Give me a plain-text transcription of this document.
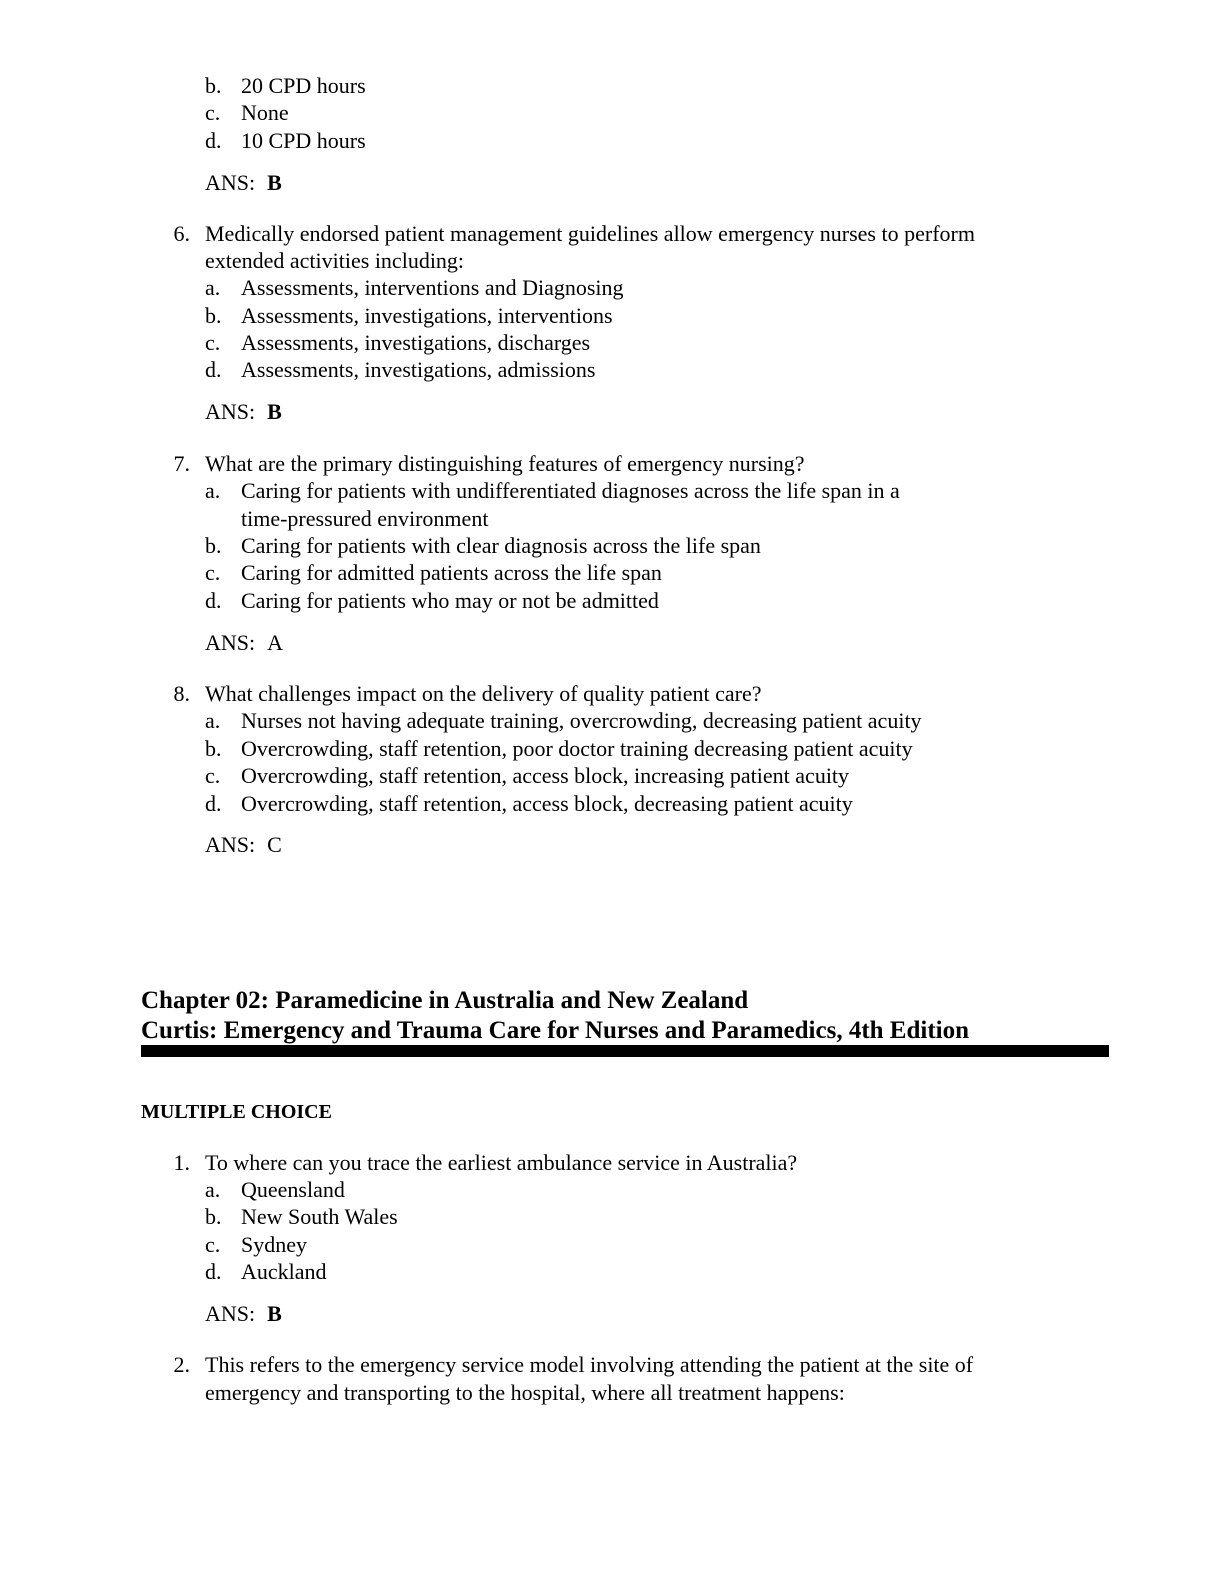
b. 20 CPD hours
c. None
d. 10 CPD hours
ANS: B
6. Medically endorsed patient management guidelines allow emergency nurses to perform
extended activities including:
a. Assessments, interventions and Diagnosing
b. Assessments, investigations, interventions
c. Assessments, investigations, discharges
d. Assessments, investigations, admissions
ANS: B
7. What are the primary distinguishing features of emergency nursing?
a. Caring for patients with undifferentiated diagnoses across the life span in a
time-pressured environment
b. Caring for patients with clear diagnosis across the life span
c. Caring for admitted patients across the life span
d. Caring for patients who may or not be admitted
ANS: A
8. What challenges impact on the delivery of quality patient care?
a. Nurses not having adequate training, overcrowding, decreasing patient acuity
b. Overcrowding, staff retention, poor doctor training decreasing patient acuity
c. Overcrowding, staff retention, access block, increasing patient acuity
d. Overcrowding, staff retention, access block, decreasing patient acuity
ANS: C
Chapter 02: Paramedicine in Australia and New Zealand
Curtis: Emergency and Trauma Care for Nurses and Paramedics, 4th Edition
MULTIPLE CHOICE
1. To where can you trace the earliest ambulance service in Australia?
a. Queensland
b. New South Wales
c. Sydney
d. Auckland
ANS: B
2. This refers to the emergency service model involving attending the patient at the site of
emergency and transporting to the hospital, where all treatment happens:
